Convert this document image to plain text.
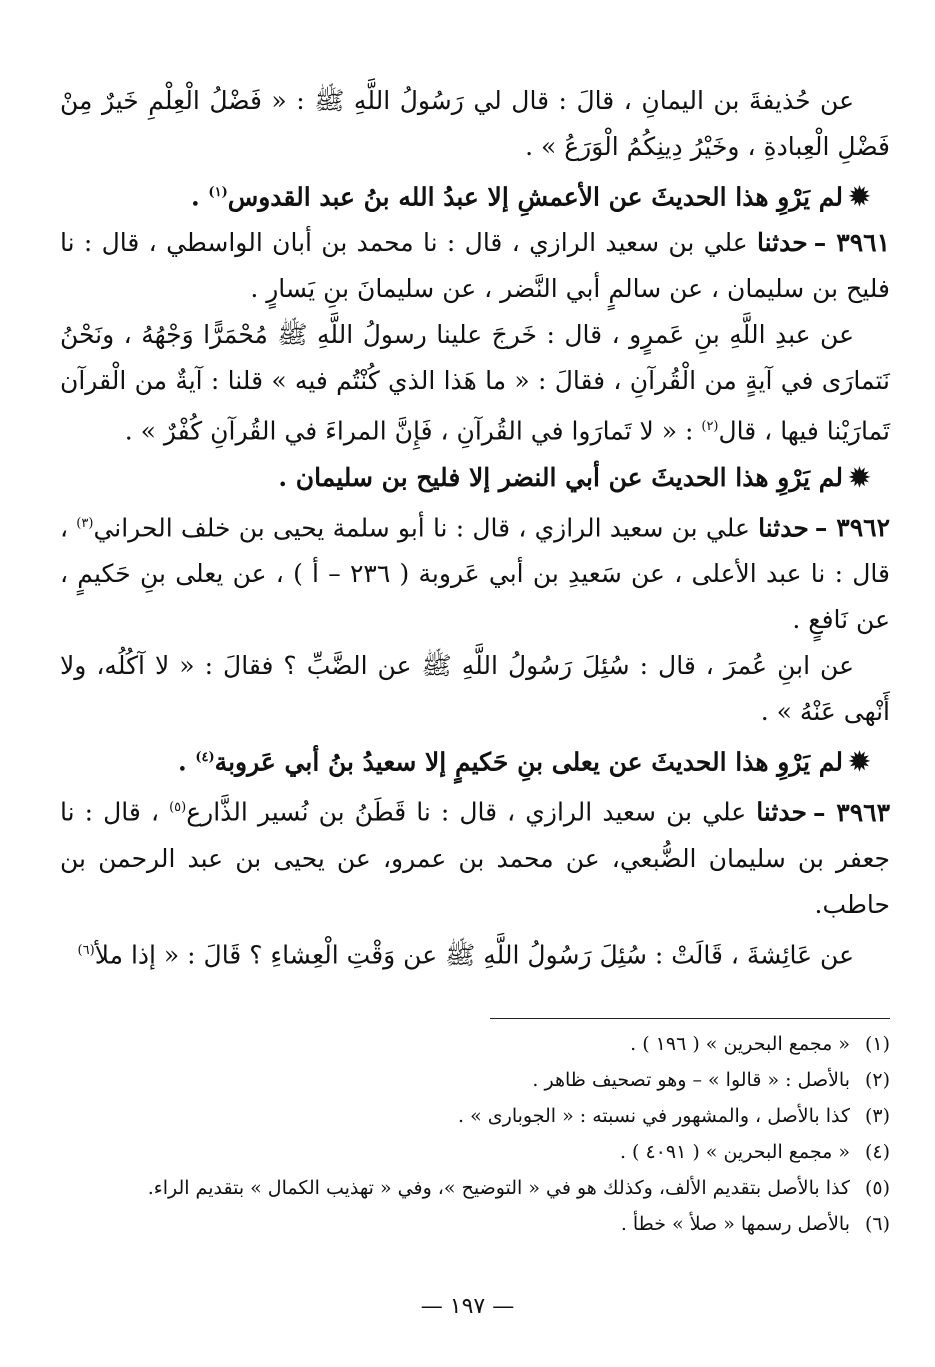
عن حُذيفةَ بن اليمانِ ، قالَ : قال لي رَسُولُ اللَّهِ ﷺ : « فَضْلُ الْعِلْمِ خَيرٌ مِنْ فَضْلِ الْعِبادةِ ، وخَيْرُ دِينِكُمُ الْوَرَعُ » .

✹لم يَرْوِ هذا الحديثَ عن الأعمشِ إلا عبدُ الله بنُ عبد القدوس$^{(١)}$ .

٣٩٦١ –حدثنا علي بن سعيد الرازي ، قال : نا محمد بن أبان الواسطي ، قال : نا فليح بن سليمان ، عن سالمٍ أبي النَّضر ، عن سليمانَ بنِ يَسارٍ .

عن عبدِ اللَّهِ بنِ عَمرٍو ، قال : خَرجَ علينا رسولُ اللَّهِ ﷺ مُحْمَرًّا وَجْهُهُ ، ونَحْنُ نَتمارَى في آيةٍ من الْقُرآنِ ، فقالَ : « ما هَذا الذي كُنْتُم فيه » قلنا : آيةٌ من الْقرآن تَمارَيْنا فيها ، قال$^{(٢)}$ : « لا تَمارَوا في القُرآنِ ، فَإِنَّ المراءَ في القُرآنِ كُفْرٌ » .

✹لم يَرْوِ هذا الحديثَ عن أبي النضر إلا فليح بن سليمان .

٣٩٦٢ –حدثنا علي بن سعيد الرازي ، قال : نا أبو سلمة يحيى بن خلف الحراني$^{(٣)}$ ، قال : نا عبد الأعلى ، عن سَعيدِ بن أبي عَروبة ( ٢٣٦ – أ ) ، عن يعلى بنِ حَكيمٍ ، عن نَافعٍ .

عن ابنِ عُمرَ ، قال : سُئِلَ رَسُولُ اللَّهِ ﷺ عن الضَّبِّ ؟ فقالَ : « لا آكُلُه، ولا أَنْهى عَنْهُ » .

✹لم يَرْوِ هذا الحديثَ عن يعلى بنِ حَكيمٍ إلا سعيدُ بنُ أبي عَروبة$^{(٤)}$ .

٣٩٦٣ –حدثنا علي بن سعيد الرازي ، قال : نا قَطَنُ بن نُسير الذَّارع$^{(٥)}$ ، قال : نا جعفر بن سليمان الضُّبعي، عن محمد بن عمرو، عن يحيى بن عبد الرحمن بن حاطب.

عن عَائِشةَ ، قَالَتْ : سُئِلَ رَسُولُ اللَّهِ ﷺ عن وَقْتِ الْعِشاءِ ؟ قَالَ : « إذا ملأ$^{(٦)}$

(١)« مجمع البحرين » ( ١٩٦ ) .

(٢)بالأصل : « قالوا » – وهو تصحيف ظاهر .

(٣)كذا بالأصل ، والمشهور في نسبته : « الجوبارى » .

(٤)« مجمع البحرين » ( ٤٠٩١ ) .

(٥)كذا بالأصل بتقديم الألف، وكذلك هو في « التوضيح »، وفي « تهذيب الكمال » بتقديم الراء.

(٦)بالأصل رسمها « صلأ » خطأ .

— ١٩٧ —
